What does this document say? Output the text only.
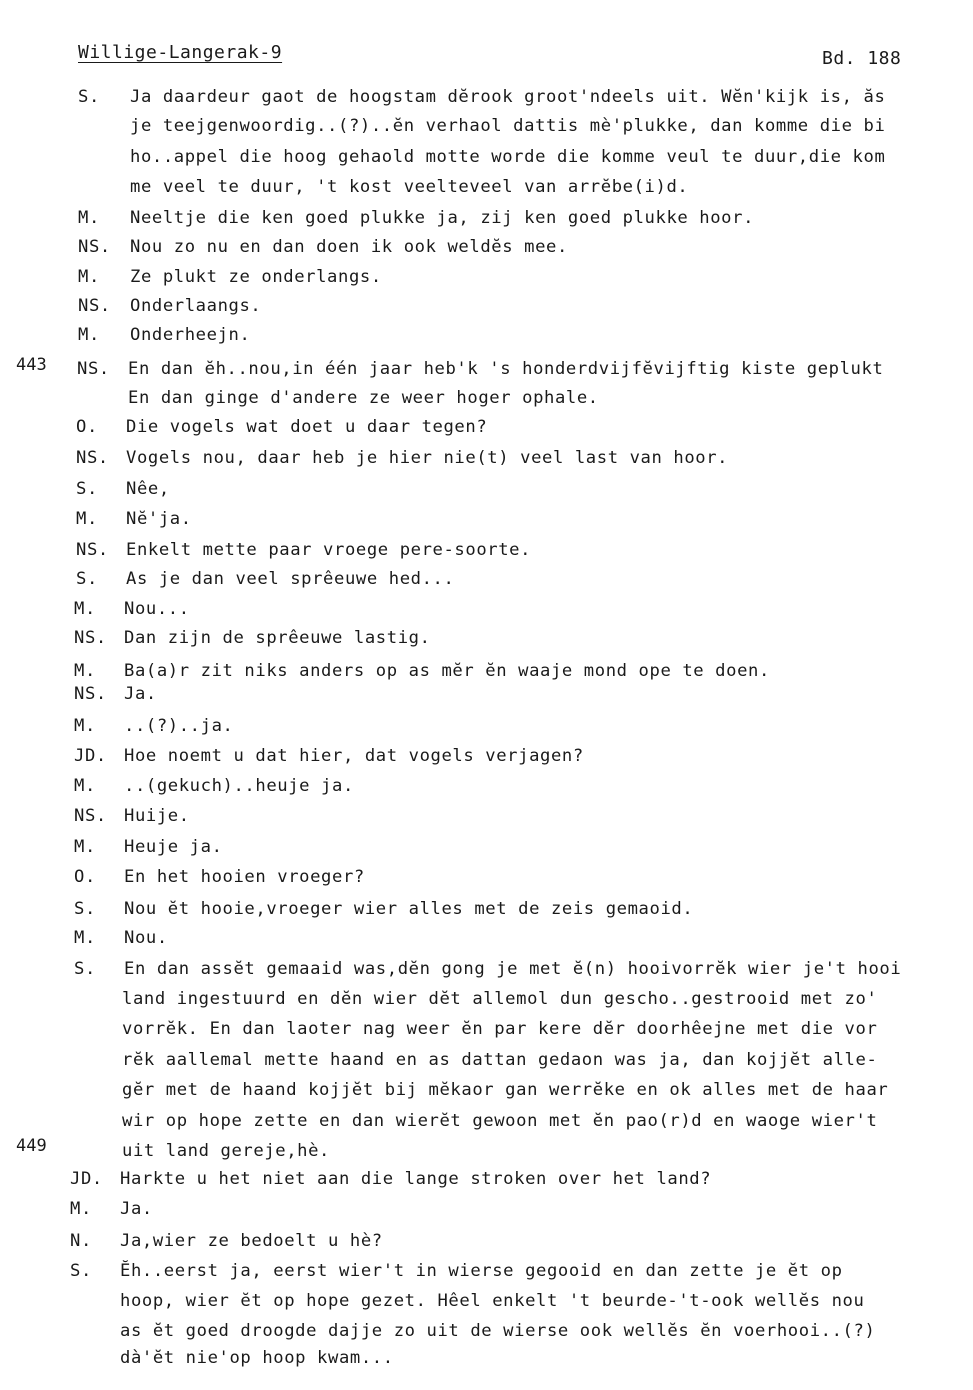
Willige-Langerak-9	Bd. 188
S. Ja daardeur gaot de hoogstam dĕrook groot'ndeels uit. Wĕn'kijk is, ăs
je teejgenwoordig..(?)..ĕn verhaol dattis mè'plukke, dan komme die bi
ho..appel die hoog gehaold motte worde die komme veul te duur,die kom
me veel te duur, 't kost veelteveel van arrĕbe(i)d.
M. Neeltje die ken goed plukke ja, zij ken goed plukke hoor.
NS. Nou zo nu en dan doen ik ook weldĕs mee.
M. Ze plukt ze onderlangs.
NS. Onderlaangs.
M. Onderheejn.
NS. En dan ĕh..nou,in één jaar heb'k 's honderdvijfĕvijftig kiste geplukt
En dan ginge d'andere ze weer hoger ophale.
O. Die vogels wat doet u daar tegen?
NS. Vogels nou, daar heb je hier nie(t) veel last van hoor.
S. Nêe,
M. Nĕ'ja.
NS. Enkelt mette paar vroege pere-soorte.
S. As je dan veel sprêeuwe hed...
M. Nou...
NS. Dan zijn de sprêeuwe lastig.
M. Ba(a)r zit niks anders op as mĕr ĕn waaje mond ope te doen.
NS. Ja.
M. ..(?)..ja.
JD. Hoe noemt u dat hier, dat vogels verjagen?
M. ..(gekuch)..heuje ja.
NS. Huije.
M. Heuje ja.
O. En het hooien vroeger?
S. Nou ĕt hooie,vroeger wier alles met de zeis gemaoid.
M. Nou.
S. En dan assĕt gemaaid was,dĕn gong je met ĕ(n) hooivorrĕk wier je't hooi
land ingestuurd en dĕn wier dĕt allemol dun gescho..gestrooid met zo'
vorrĕk. En dan laoter nag weer ĕn par kere dĕr doorhêejne met die vor
rĕk aallemal mette haand en as dattan gedaon was ja, dan kojjĕt alle-
gĕr met de haand kojjĕt bij mĕkaor gan werrĕke en ok alles met de haar
wir op hope zette en dan wierĕt gewoon met ĕn pao(r)d en waoge wier't
uit land gereje,hè.
JD. Harkte u het niet aan die lange stroken over het land?
M. Ja.
N. Ja,wier ze bedoelt u hè?
S. Ĕh..eerst ja, eerst wier't in wierse gegooid en dan zette je ĕt op
hoop, wier ĕt op hope gezet. Hêel enkelt 't beurde-'t-ook wellĕs nou
as ĕt goed droogde dajje zo uit de wierse ook wellĕs ĕn voerhooi..(?)
dà'ĕt nie'op hoop kwam...
443
449
